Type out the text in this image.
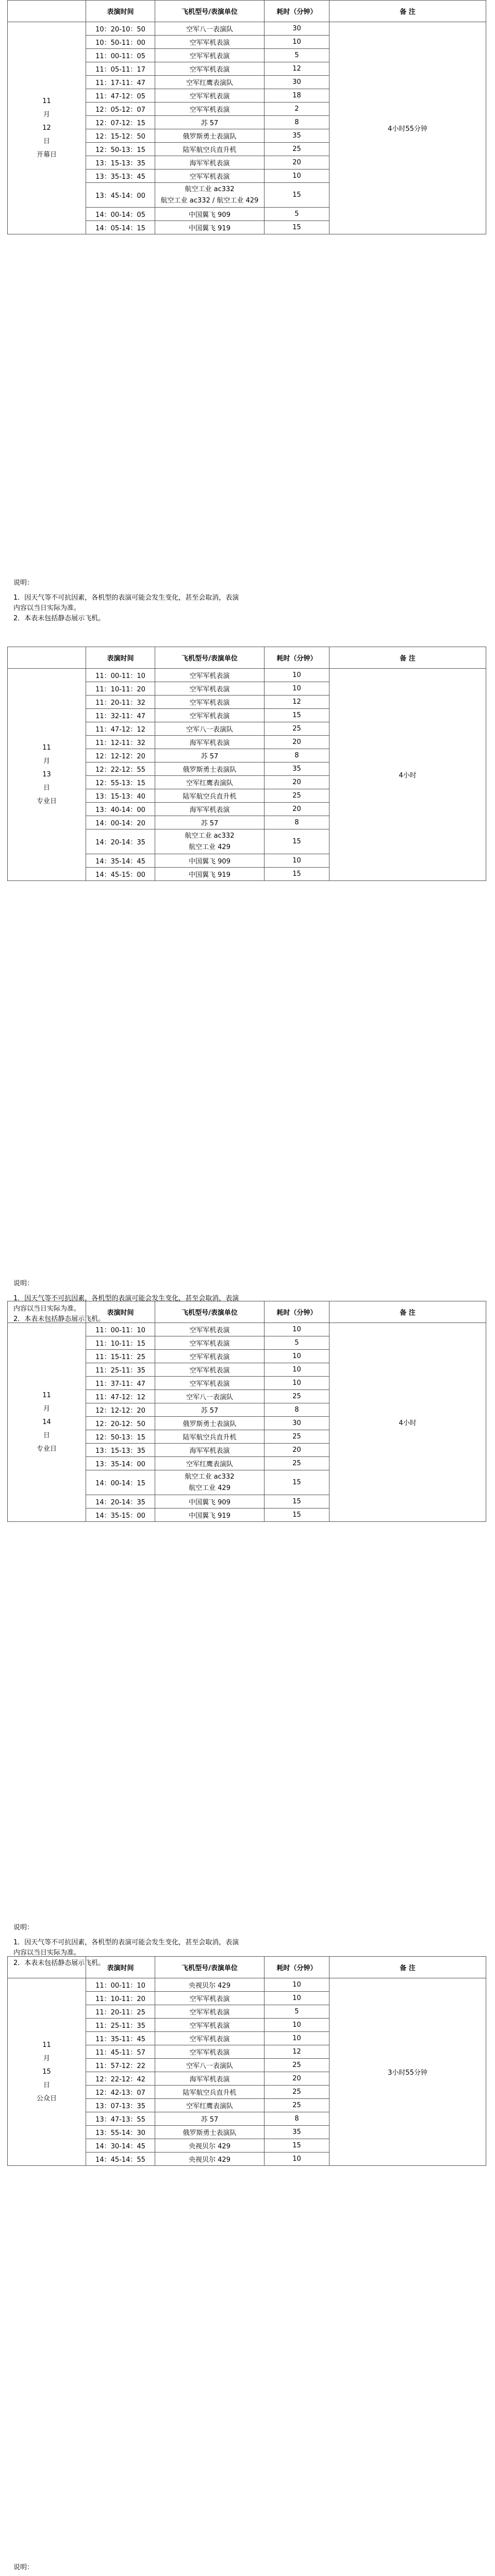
	表演时间	飞机型号/表演单位	耗时（分钟）	备 注

11
月
12
日
开幕日	10：20-10：50	空军八一表演队	30	4小时55分钟
	10：50-11：00	空军军机表演	10	
	11：00-11：05	空军军机表演	5	
	11：05-11：17	空军军机表演	12	
	11：17-11：47	空军红鹰表演队	30	
	11：47-12：05	空军军机表演	18	
	12：05-12：07	空军军机表演	2	
	12：07-12：15	苏 57	8	
	12：15-12：50	俄罗斯勇士表演队	35	
	12：50-13：15	陆军航空兵直升机	25	
	13：15-13：35	海军军机表演	20	
	13：35-13：45	空军军机表演	10	
	13：45-14：00	航空工业 ac332
航空工业 ac332 / 航空工业 429	15	
	14：00-14：05	中国翼飞 909	5	
	14：05-14：15	中国翼飞 919	15	

说明：

1．因天气等不可抗因素，各机型的表演可能会发生变化，甚至会取消，表演

内容以当日实际为准。

2．本表未包括静态展示飞机。

	表演时间	飞机型号/表演单位	耗时（分钟）	备 注

11
月
13
日
专业日	11：00-11：10	空军军机表演	10	4小时
	11：10-11：20	空军军机表演	10	
	11：20-11：32	空军军机表演	12	
	11：32-11：47	空军军机表演	15	
	11：47-12：12	空军八一表演队	25	
	11：12-11：32	海军军机表演	20	
	12：12-12：20	苏 57	8	
	12：22-12：55	俄罗斯勇士表演队	35	
	12：55-13：15	空军红鹰表演队	20	
	13：15-13：40	陆军航空兵直升机	25	
	13：40-14：00	海军军机表演	20	
	14：00-14：20	苏 57	8	
	14：20-14：35	航空工业 ac332
航空工业 429	15	
	14：35-14：45	中国翼飞 909	10	
	14：45-15：00	中国翼飞 919	15	

说明：

1．因天气等不可抗因素，各机型的表演可能会发生变化，甚至会取消，表演

内容以当日实际为准。

2．本表未包括静态展示飞机。

	表演时间	飞机型号/表演单位	耗时（分钟）	备 注

11
月
14
日
专业日	11：00-11：10	空军军机表演	10	4小时
	11：10-11：15	空军军机表演	5	
	11：15-11：25	空军军机表演	10	
	11：25-11：35	空军军机表演	10	
	11：37-11：47	空军军机表演	10	
	11：47-12：12	空军八一表演队	25	
	12：12-12：20	苏 57	8	
	12：20-12：50	俄罗斯勇士表演队	30	
	12：50-13：15	陆军航空兵直升机	25	
	13：15-13：35	海军军机表演	20	
	13：35-14：00	空军红鹰表演队	25	
	14：00-14：15	航空工业 ac332
航空工业 429	15	
	14：20-14：35	中国翼飞 909	15	
	14：35-15：00	中国翼飞 919	15	

说明：

1．因天气等不可抗因素，各机型的表演可能会发生变化，甚至会取消，表演

内容以当日实际为准。

2．本表未包括静态展示飞机。

	表演时间	飞机型号/表演单位	耗时（分钟）	备 注

11
月
15
日
公众日	11：00-11：10	央视贝尔 429	10	3小时55分钟
	11：10-11：20	空军军机表演	10	
	11：20-11：25	空军军机表演	5	
	11：25-11：35	空军军机表演	10	
	11：35-11：45	空军军机表演	10	
	11：45-11：57	空军军机表演	12	
	11：57-12：22	空军八一表演队	25	
	12：22-12：42	海军军机表演	20	
	12：42-13：07	陆军航空兵直升机	25	
	13：07-13：35	空军红鹰表演队	25	
	13：47-13：55	苏 57	8	
	13：55-14：30	俄罗斯勇士表演队	35	
	14：30-14：45	央视贝尔 429	15	
	14：45-14：55	央视贝尔 429	10	

说明：
